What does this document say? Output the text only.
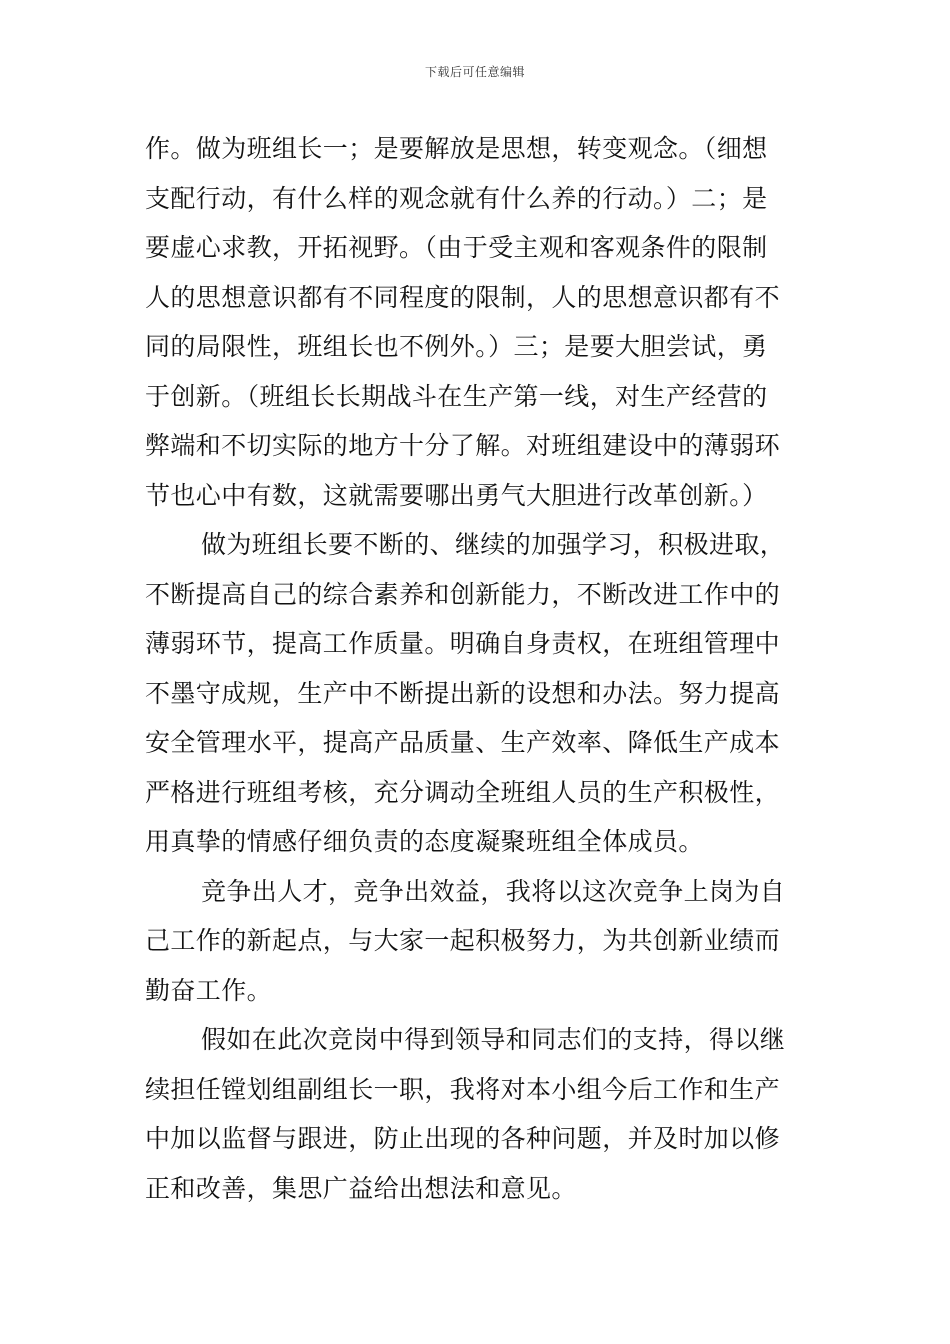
下载后可任意编辑

作。做为班组长一；是要解放是思想，转变观念。（细想
支配行动，有什么样的观念就有什么养的行动。）二；是
要虚心求教，开拓视野。（由于受主观和客观条件的限制
人的思想意识都有不同程度的限制，人的思想意识都有不
同的局限性，班组长也不例外。）三；是要大胆尝试，勇
于创新。（班组长长期战斗在生产第一线，对生产经营的
弊端和不切实际的地方十分了解。对班组建设中的薄弱环
节也心中有数，这就需要哪出勇气大胆进行改革创新。）

做为班组长要不断的、继续的加强学习，积极进取，
不断提高自己的综合素养和创新能力，不断改进工作中的
薄弱环节，提高工作质量。明确自身责权，在班组管理中
不墨守成规，生产中不断提出新的设想和办法。努力提高
安全管理水平，提高产品质量、生产效率、降低生产成本
严格进行班组考核，充分调动全班组人员的生产积极性，
用真挚的情感仔细负责的态度凝聚班组全体成员。

竞争出人才，竞争出效益，我将以这次竞争上岗为自
己工作的新起点，与大家一起积极努力，为共创新业绩而
勤奋工作。

假如在此次竞岗中得到领导和同志们的支持，得以继
续担任镗划组副组长一职，我将对本小组今后工作和生产
中加以监督与跟进，防止出现的各种问题，并及时加以修
正和改善，集思广益给出想法和意见。
